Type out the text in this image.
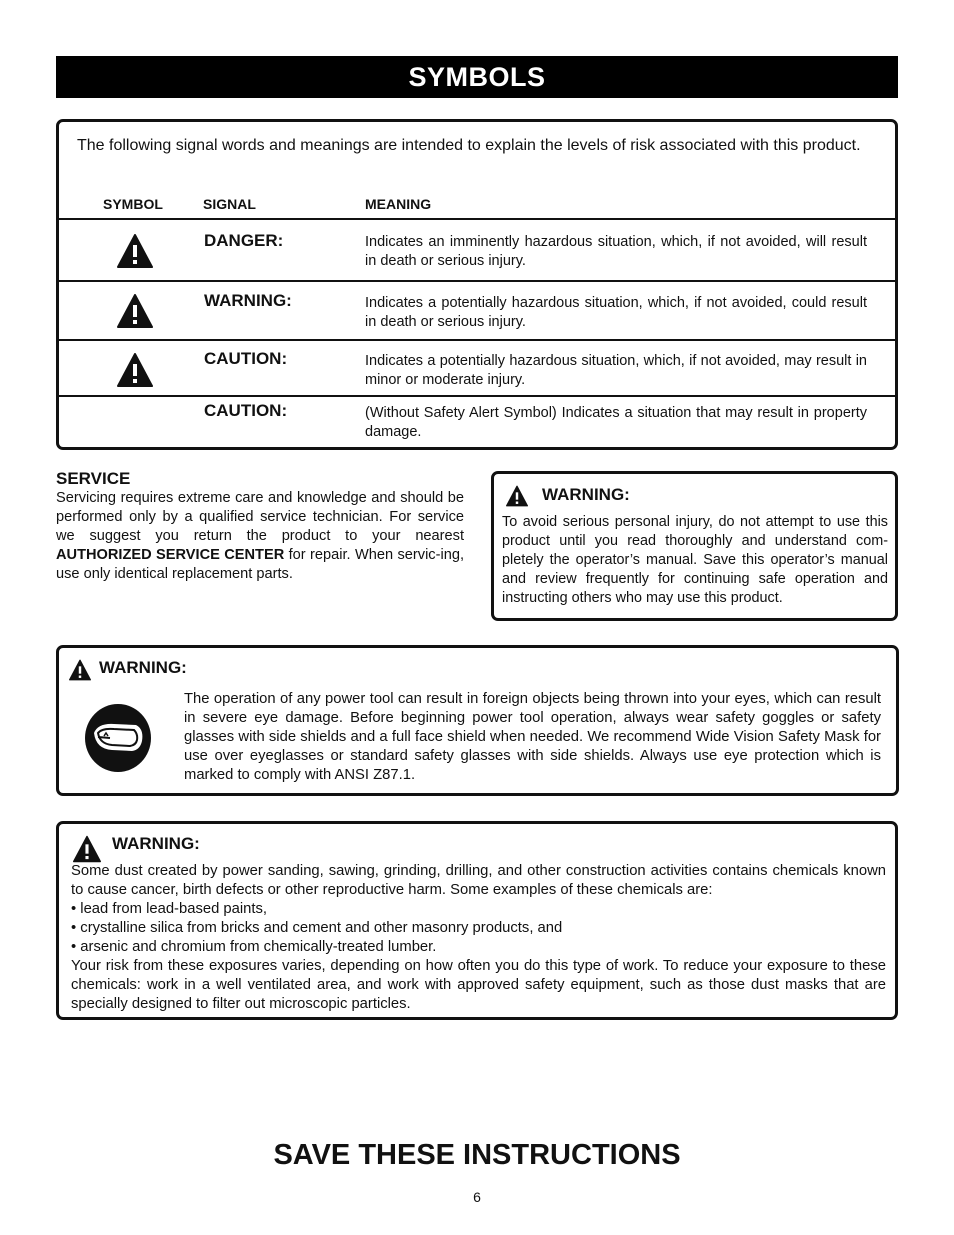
SYMBOLS
The following signal words and meanings are intended to explain the levels of risk associated with this product.
SYMBOL	SIGNAL	MEANING
DANGER:	Indicates an imminently hazardous situation, which, if not avoided, will result in death or serious injury.
WARNING:	Indicates a potentially hazardous situation, which, if not avoided, could result in death or serious injury.
CAUTION:	Indicates a potentially hazardous situation, which, if not avoided, may result in minor or moderate injury.
CAUTION:	(Without Safety Alert Symbol) Indicates a situation that may result in property damage.
SERVICE
Servicing requires extreme care and knowledge and should be performed only by a qualified service technician. For service we suggest you return the product to your nearest AUTHORIZED SERVICE CENTER for repair. When servic-ing, use only identical replacement parts.
WARNING:
To avoid serious personal injury, do not attempt to use this product until you read thoroughly and understand com-pletely the operator’s manual. Save this operator’s manual and review frequently for continuing safe operation and instructing others who may use this product.
WARNING:
The operation of any power tool can result in foreign objects being thrown into your eyes, which can result in severe eye damage. Before beginning power tool operation, always wear safety goggles or safety glasses with side shields and a full face shield when needed. We recommend Wide Vision Safety Mask for use over eyeglasses or standard safety glasses with side shields. Always use eye protection which is marked to comply with ANSI Z87.1.
WARNING:
Some dust created by power sanding, sawing, grinding, drilling, and other construction activities contains chemicals known to cause cancer, birth defects or other reproductive harm. Some examples of these chemicals are:
• lead from lead-based paints,
• crystalline silica from bricks and cement and other masonry products, and
• arsenic and chromium from chemically-treated lumber.
Your risk from these exposures varies, depending on how often you do this type of work. To reduce your exposure to these chemicals: work in a well ventilated area, and work with approved safety equipment, such as those dust masks that are specially designed to filter out microscopic particles.
SAVE THESE INSTRUCTIONS
6
